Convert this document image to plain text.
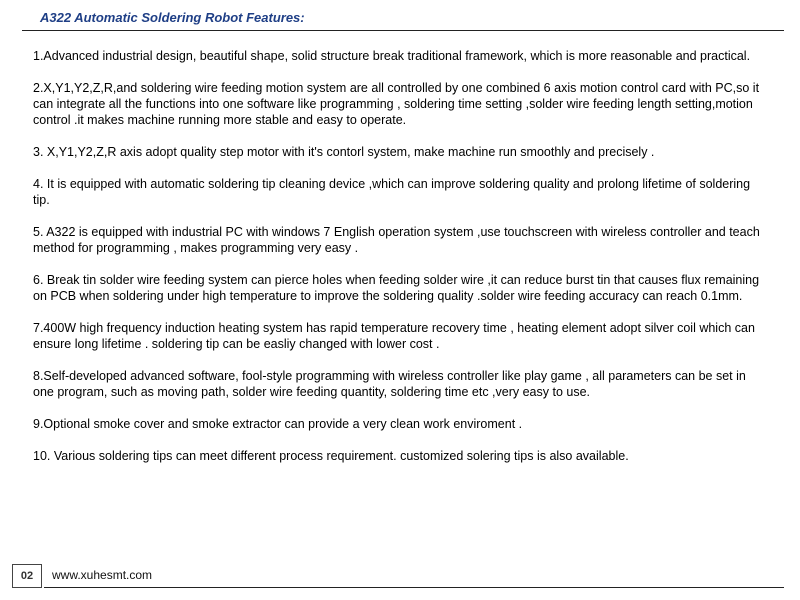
A322 Automatic Soldering Robot Features:

1.Advanced industrial design, beautiful shape, solid structure break traditional framework, which is more reasonable and practical.

2.X,Y1,Y2,Z,R,and soldering wire feeding motion system are all controlled by one combined 6 axis motion control card with PC,so it can integrate all the functions into one software like programming , soldering time setting ,solder wire feeding length setting,motion control .it makes machine running more stable and easy to operate.

3. X,Y1,Y2,Z,R axis adopt quality step motor with it's contorl system, make machine run smoothly and precisely .

4. It is equipped with automatic soldering tip cleaning device ,which can improve soldering quality and prolong lifetime of soldering tip.

5. A322 is equipped with industrial PC with windows 7 English operation system ,use touchscreen with wireless controller and teach method for programming , makes programming very easy .

6. Break tin solder wire feeding system can pierce holes when feeding solder wire ,it can reduce burst tin that causes flux remaining on PCB when soldering under high temperature to improve the soldering quality .solder wire feeding accuracy can reach 0.1mm.

7.400W high frequency induction heating system has rapid temperature recovery time , heating element adopt silver coil which can ensure long lifetime . soldering tip can be easliy changed with lower cost .

8.Self-developed advanced software, fool-style programming with wireless controller like play game , all parameters can be set in one program, such as moving path, solder wire feeding quantity, soldering time etc ,very easy to use.

9.Optional smoke cover and smoke extractor can provide a very clean work enviroment .

10. Various soldering tips can meet different process requirement. customized solering tips is also available.

02	www.xuhesmt.com
